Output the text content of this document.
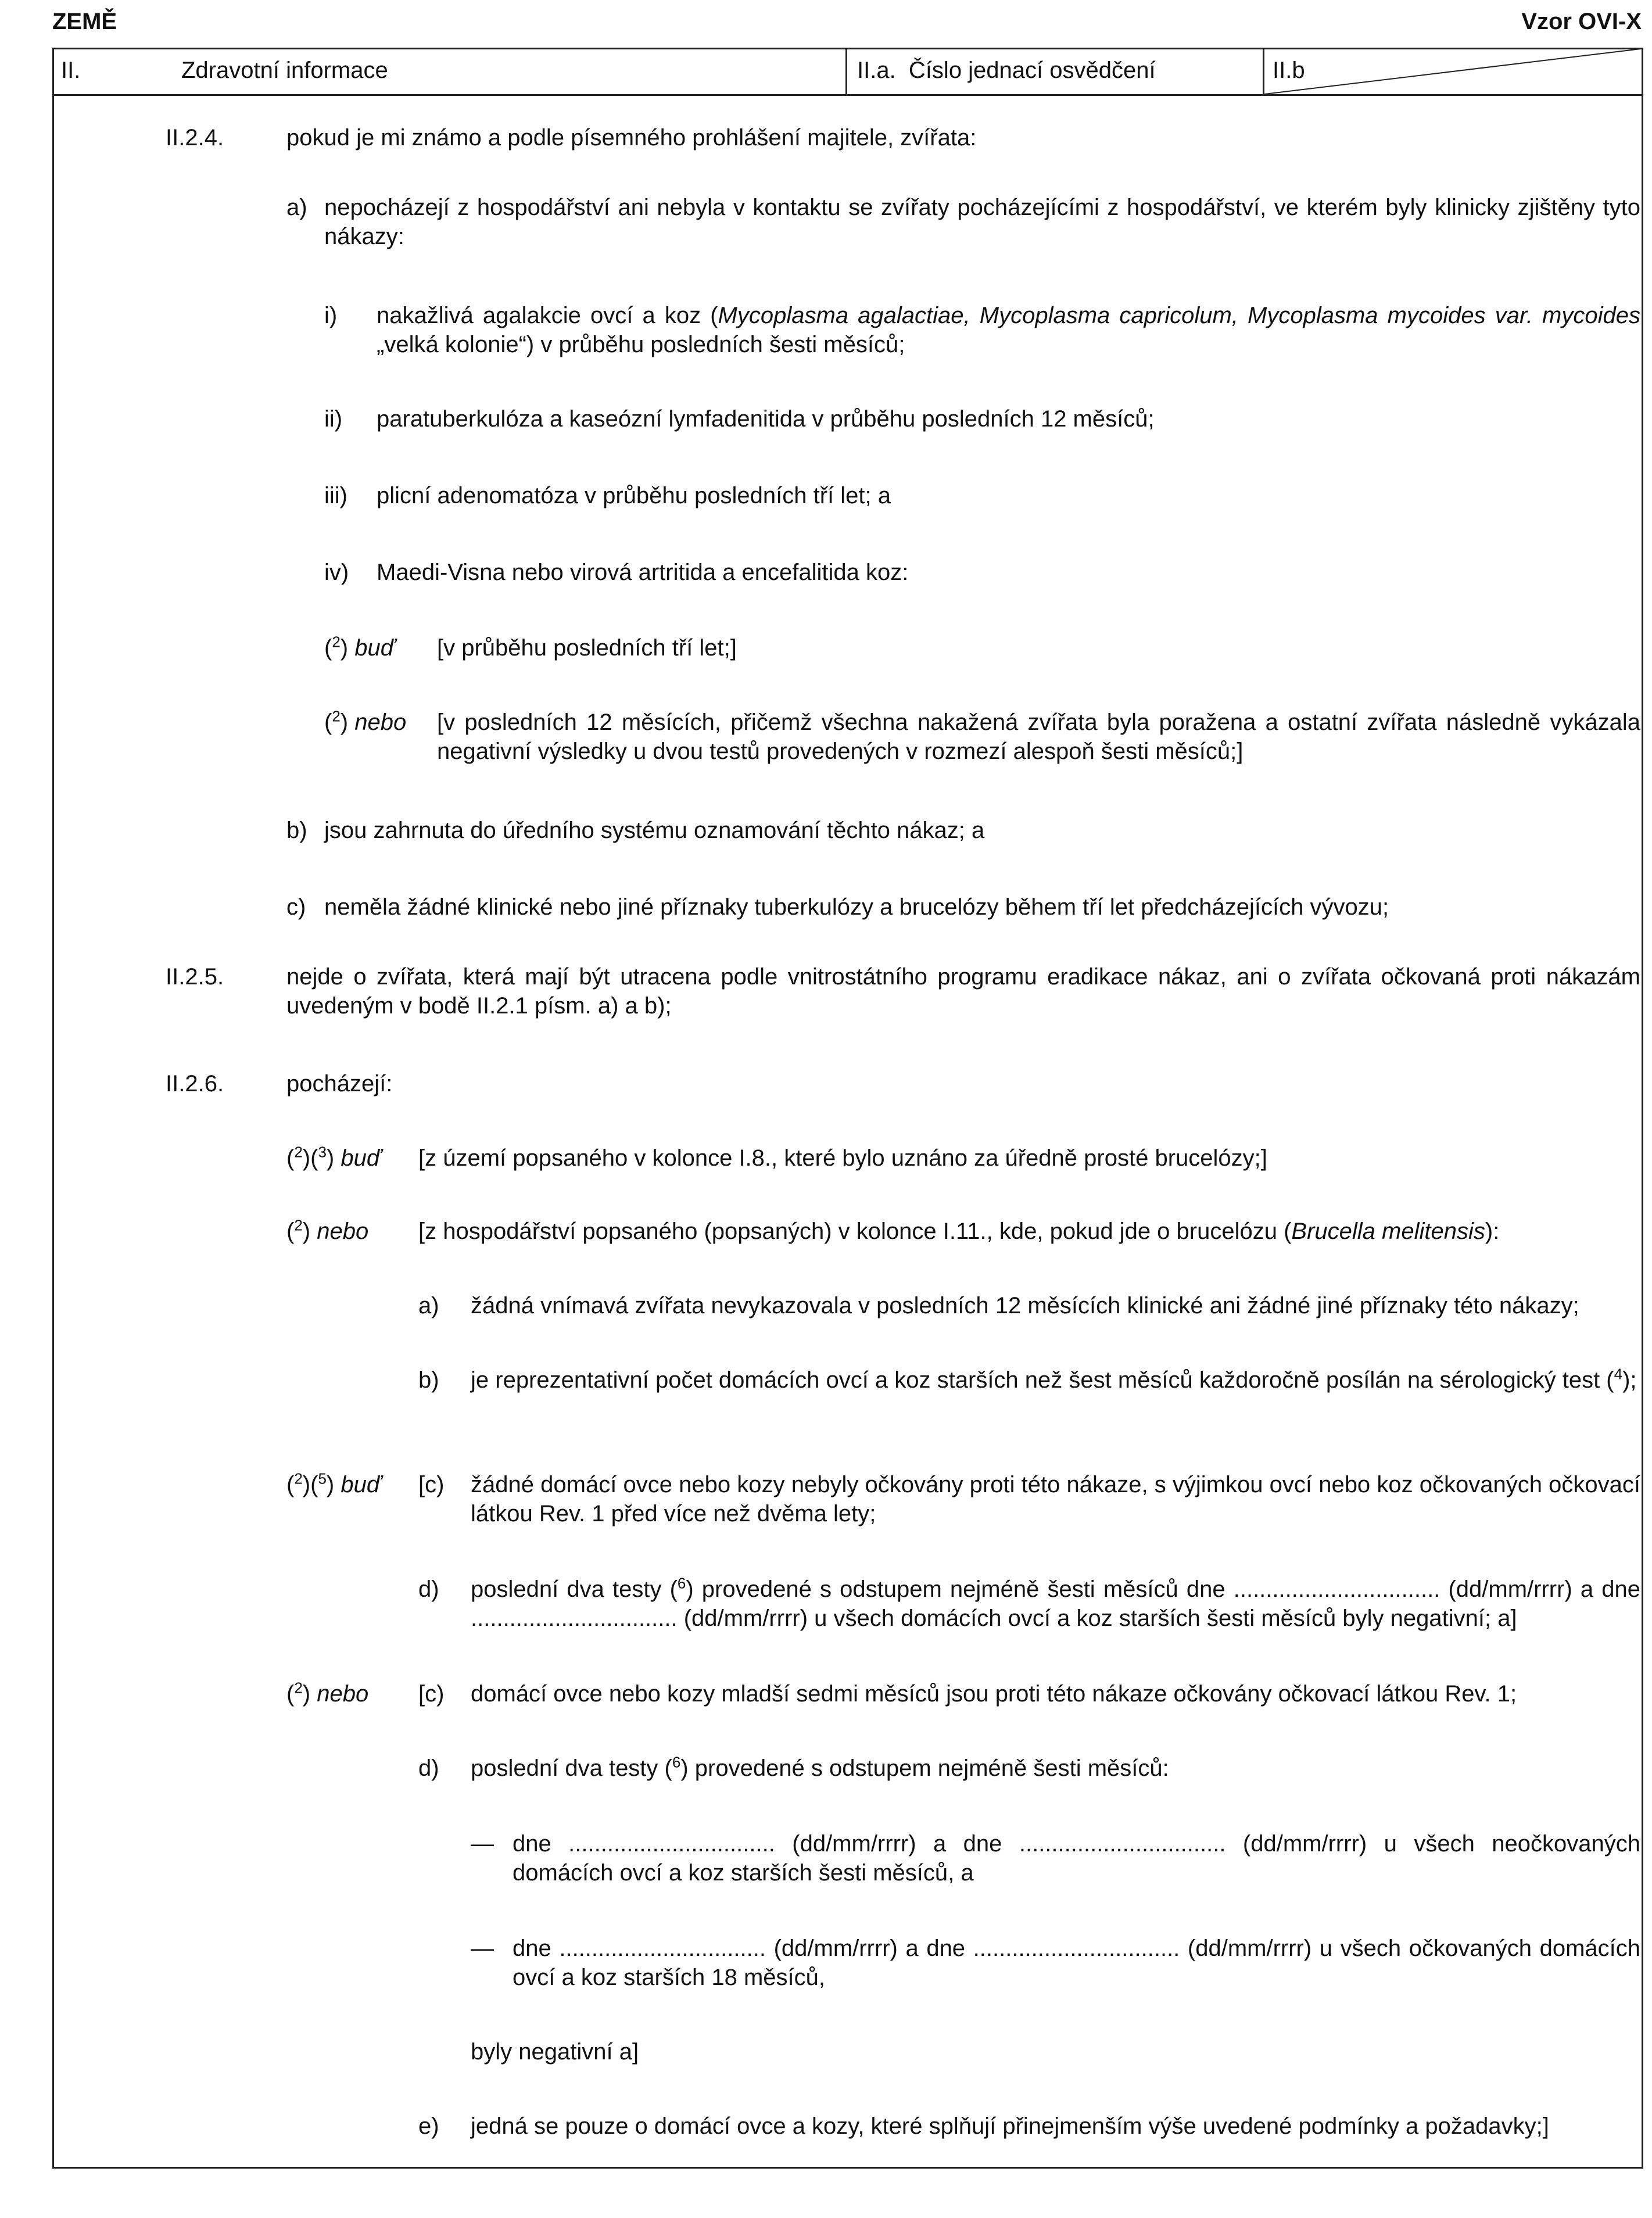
ZEMĚ	Vzor OVI-X
II.	Zdravotní informace	II.a.  Číslo jednací osvědčení	II.b
II.2.4.	pokud je mi známo a podle písemného prohlášení majitele, zvířata:
a) nepocházejí z hospodářství ani nebyla v kontaktu se zvířaty pocházejícími z hospodářství, ve kterém byly klinicky zjištěny tyto nákazy:
i) nakažlivá agalakcie ovcí a koz (Mycoplasma agalactiae, Mycoplasma capricolum, Mycoplasma mycoides var. mycoides „velká kolonie“) v průběhu posledních šesti měsíců;
ii) paratuberkulóza a kaseózní lymfadenitida v průběhu posledních 12 měsíců;
iii) plicní adenomatóza v průběhu posledních tří let; a
iv) Maedi-Visna nebo virová artritida a encefalitida koz:
($^2$) buď [v průběhu posledních tří let;]
($^2$) nebo [v posledních 12 měsících, přičemž všechna nakažená zvířata byla poražena a ostatní zvířata následně vykázala negativní výsledky u dvou testů provedených v rozmezí alespoň šesti měsíců;]
b) jsou zahrnuta do úředního systému oznamování těchto nákaz; a
c) neměla žádné klinické nebo jiné příznaky tuberkulózy a brucelózy během tří let předcházejících vývozu;
II.2.5.	nejde o zvířata, která mají být utracena podle vnitrostátního programu eradikace nákaz, ani o zvířata očkovaná proti nákazám uvedeným v bodě II.2.1 písm. a) a b);
II.2.6.	pocházejí:
($^2$)($^3$) buď [z území popsaného v kolonce I.8., které bylo uznáno za úředně prosté brucelózy;]
($^2$) nebo [z hospodářství popsaného (popsaných) v kolonce I.11., kde, pokud jde o brucelózu (Brucella melitensis):
a) žádná vnímavá zvířata nevykazovala v posledních 12 měsících klinické ani žádné jiné příznaky této nákazy;
b) je reprezentativní počet domácích ovcí a koz starších než šest měsíců každoročně posílán na sérologický test ($^4$);
($^2$)($^5$) buď [c) žádné domácí ovce nebo kozy nebyly očkovány proti této nákaze, s výjimkou ovcí nebo koz očkovaných očkovací látkou Rev. 1 před více než dvěma lety;
d) poslední dva testy ($^6$) provedené s odstupem nejméně šesti měsíců dne ................................ (dd/mm/rrrr) a dne ................................ (dd/mm/rrrr) u všech domácích ovcí a koz starších šesti měsíců byly negativní; a]
($^2$) nebo [c) domácí ovce nebo kozy mladší sedmi měsíců jsou proti této nákaze očkovány očkovací látkou Rev. 1;
d) poslední dva testy ($^6$) provedené s odstupem nejméně šesti měsíců:
— dne ................................ (dd/mm/rrrr) a dne ................................ (dd/mm/rrrr) u všech neočkovaných domácích ovcí a koz starších šesti měsíců, a
— dne ................................ (dd/mm/rrrr) a dne ................................ (dd/mm/rrrr) u všech očkovaných domácích ovcí a koz starších 18 měsíců,
byly negativní a]
e) jedná se pouze o domácí ovce a kozy, které splňují přinejmenším výše uvedené podmínky a požadavky;]
